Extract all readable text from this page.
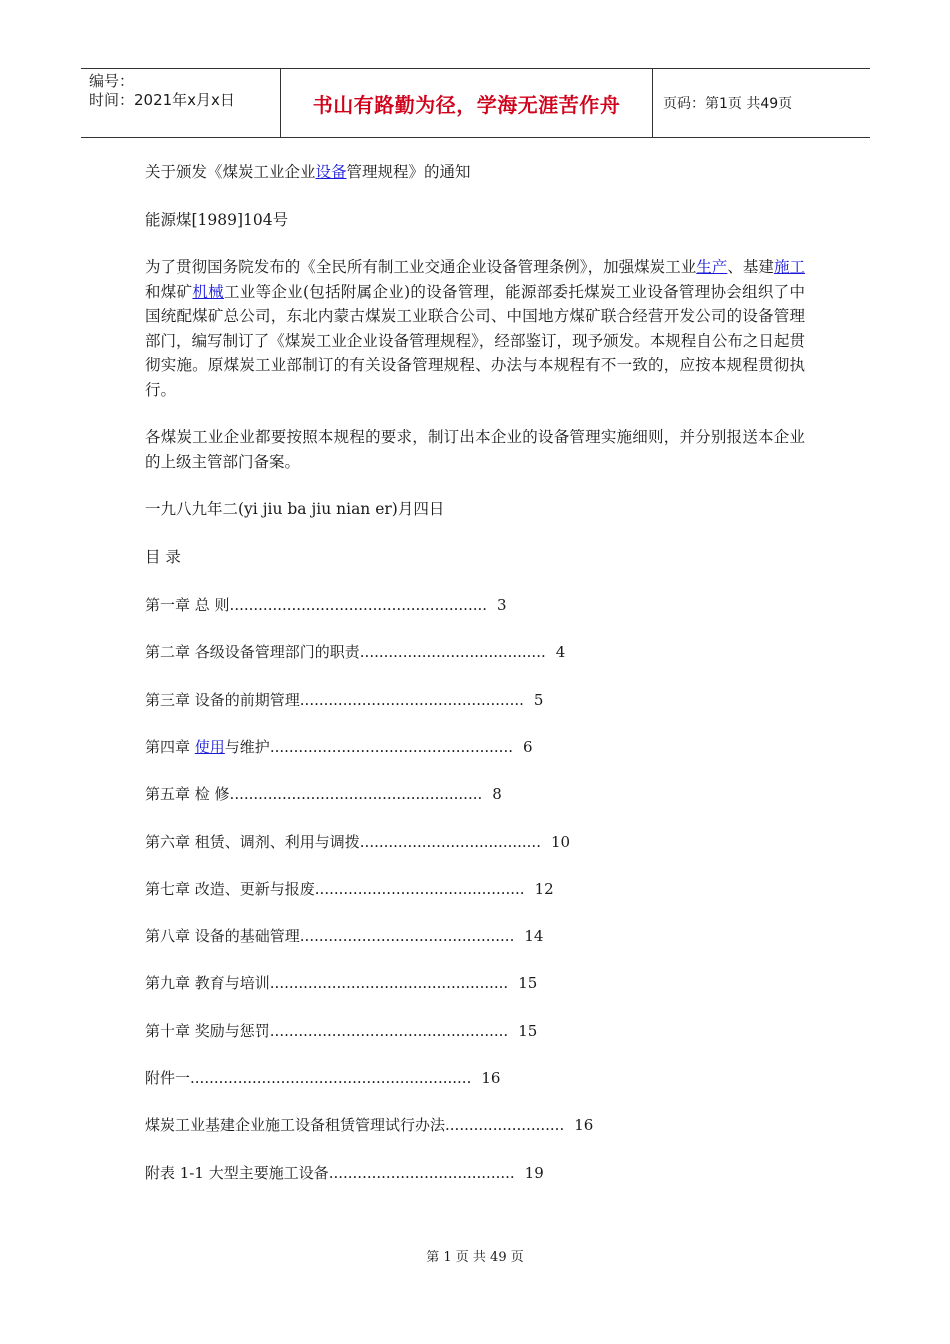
编号：
时间：2021年x月x日	书山有路勤为径，学海无涯苦作舟	页码：第1页 共49页

关于颁发《煤炭工业企业设备管理规程》的通知

能源煤[1989]104号

为了贯彻国务院发布的《全民所有制工业交通企业设备管理条例》，加强煤炭工业生产、基建施工和煤矿机械工业等企业(包括附属企业)的设备管理，能源部委托煤炭工业设备管理协会组织了中国统配煤矿总公司，东北内蒙古煤炭工业联合公司、中国地方煤矿联合经营开发公司的设备管理部门，编写制订了《煤炭工业企业设备管理规程》，经部鉴订，现予颁发。本规程自公布之日起贯彻实施。原煤炭工业部制订的有关设备管理规程、办法与本规程有不一致的，应按本规程贯彻执行。

各煤炭工业企业都要按照本规程的要求，制订出本企业的设备管理实施细则，并分别报送本企业的上级主管部门备案。

一九八九年二(yi jiu ba jiu nian er)月四日

目 录

第一章 总 则...................................................... 3
第二章 各级设备管理部门的职责....................................... 4
第三章 设备的前期管理............................................... 5
第四章 使用与维护................................................... 6
第五章 检 修..................................................... 8
第六章 租赁、调剂、利用与调拨...................................... 10
第七章 改造、更新与报废............................................ 12
第八章 设备的基础管理............................................. 14
第九章 教育与培训.................................................. 15
第十章 奖励与惩罚.................................................. 15
附件一........................................................... 16
煤炭工业基建企业施工设备租赁管理试行办法......................... 16
附表 1-1 大型主要施工设备....................................... 19
第 1 页 共 49 页
